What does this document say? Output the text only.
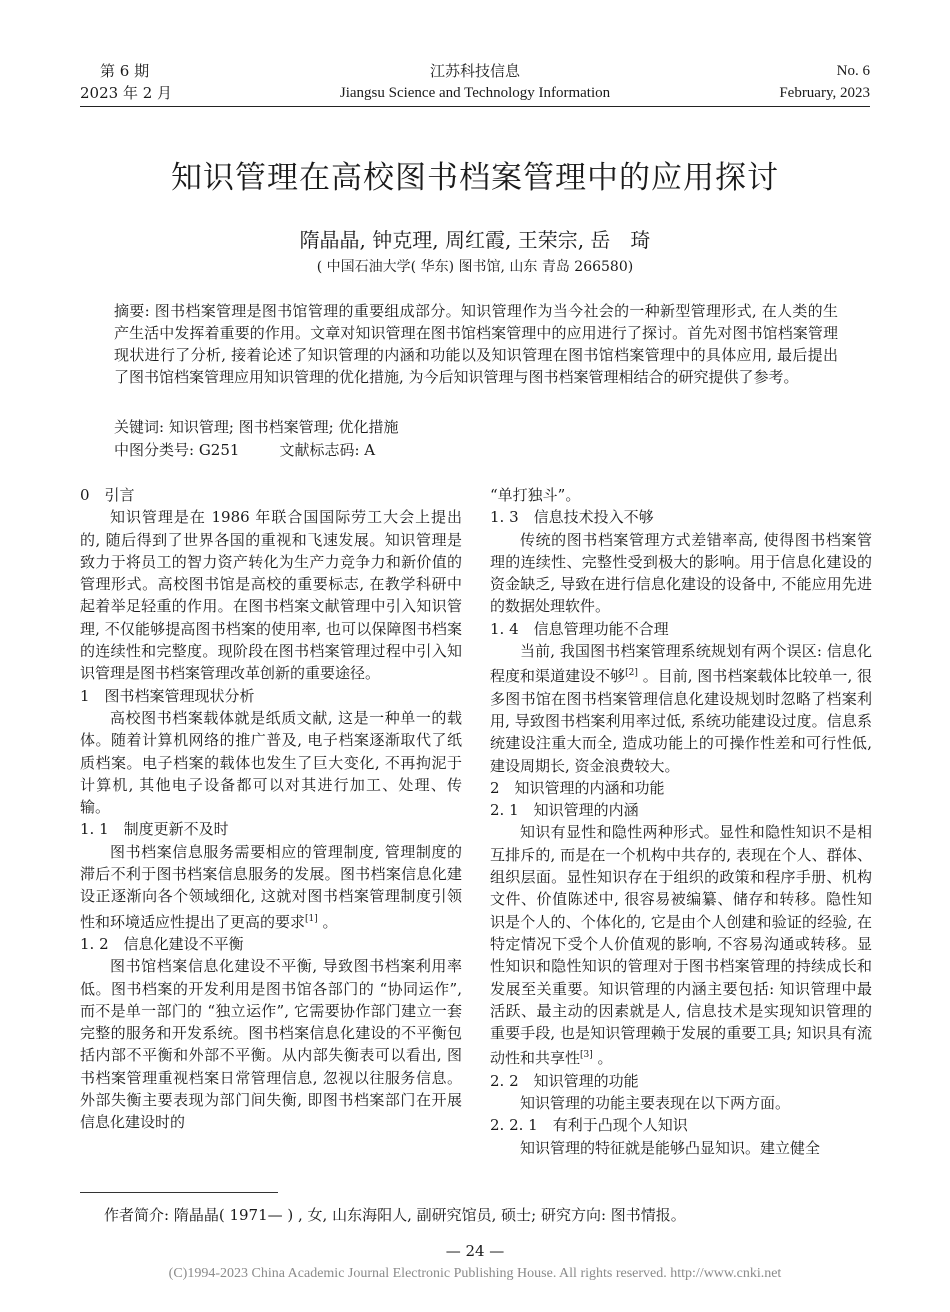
第 6 期
2023 年 2 月
江苏科技信息
Jiangsu Science and Technology Information
No. 6
February, 2023
知识管理在高校图书档案管理中的应用探讨
隋晶晶, 钟克理, 周红霞, 王荣宗, 岳　琦
( 中国石油大学( 华东) 图书馆, 山东 青岛 266580)

摘要: 图书档案管理是图书馆管理的重要组成部分。知识管理作为当今社会的一种新型管理形式, 在人类的生产生活中发挥着重要的作用。文章对知识管理在图书馆档案管理中的应用进行了探讨。首先对图书馆档案管理现状进行了分析, 接着论述了知识管理的内涵和功能以及知识管理在图书馆档案管理中的具体应用, 最后提出了图书馆档案管理应用知识管理的优化措施, 为今后知识管理与图书档案管理相结合的研究提供了参考。

关键词: 知识管理; 图书档案管理; 优化措施
中图分类号: G251	文献标志码: A

0　引言

知识管理是在 1986 年联合国国际劳工大会上提出的, 随后得到了世界各国的重视和飞速发展。知识管理是致力于将员工的智力资产转化为生产力竞争力和新价值的管理形式。高校图书馆是高校的重要标志, 在教学科研中起着举足轻重的作用。在图书档案文献管理中引入知识管理, 不仅能够提高图书档案的使用率, 也可以保障图书档案的连续性和完整度。现阶段在图书档案管理过程中引入知识管理是图书档案管理改革创新的重要途径。

1　图书档案管理现状分析

高校图书档案载体就是纸质文献, 这是一种单一的载体。随着计算机网络的推广普及, 电子档案逐渐取代了纸质档案。电子档案的载体也发生了巨大变化, 不再拘泥于计算机, 其他电子设备都可以对其进行加工、处理、传输。

1. 1　制度更新不及时

图书档案信息服务需要相应的管理制度, 管理制度的滞后不利于图书档案信息服务的发展。图书档案信息化建设正逐渐向各个领域细化, 这就对图书档案管理制度引领性和环境适应性提出了更高的要求[1] 。

1. 2　信息化建设不平衡

图书馆档案信息化建设不平衡, 导致图书档案利用率低。图书档案的开发利用是图书馆各部门的 “协同运作”, 而不是单一部门的 “独立运作”, 它需要协作部门建立一套完整的服务和开发系统。图书档案信息化建设的不平衡包括内部不平衡和外部不平衡。从内部失衡表可以看出, 图书档案管理重视档案日常管理信息, 忽视以往服务信息。外部失衡主要表现为部门间失衡, 即图书档案部门在开展信息化建设时的

“单打独斗”。

1. 3　信息技术投入不够

传统的图书档案管理方式差错率高, 使得图书档案管理的连续性、完整性受到极大的影响。用于信息化建设的资金缺乏, 导致在进行信息化建设的设备中, 不能应用先进的数据处理软件。

1. 4　信息管理功能不合理

当前, 我国图书档案管理系统规划有两个误区: 信息化程度和渠道建设不够[2] 。目前, 图书档案载体比较单一, 很多图书馆在图书档案管理信息化建设规划时忽略了档案利用, 导致图书档案利用率过低, 系统功能建设过度。信息系统建设注重大而全, 造成功能上的可操作性差和可行性低, 建设周期长, 资金浪费较大。

2　知识管理的内涵和功能

2. 1　知识管理的内涵

知识有显性和隐性两种形式。显性和隐性知识不是相互排斥的, 而是在一个机构中共存的, 表现在个人、群体、组织层面。显性知识存在于组织的政策和程序手册、机构文件、价值陈述中, 很容易被编纂、储存和转移。隐性知识是个人的、个体化的, 它是由个人创建和验证的经验, 在特定情况下受个人价值观的影响, 不容易沟通或转移。显性知识和隐性知识的管理对于图书档案管理的持续成长和发展至关重要。知识管理的内涵主要包括: 知识管理中最活跃、最主动的因素就是人, 信息技术是实现知识管理的重要手段, 也是知识管理赖于发展的重要工具; 知识具有流动性和共享性[3] 。

2. 2　知识管理的功能

知识管理的功能主要表现在以下两方面。

2. 2. 1　有利于凸现个人知识

知识管理的特征就是能够凸显知识。建立健全

作者简介: 隋晶晶( 1971— ) , 女, 山东海阳人, 副研究馆员, 硕士; 研究方向: 图书情报。
— 24 —
(C)1994-2023 China Academic Journal Electronic Publishing House. All rights reserved. http://www.cnki.net
